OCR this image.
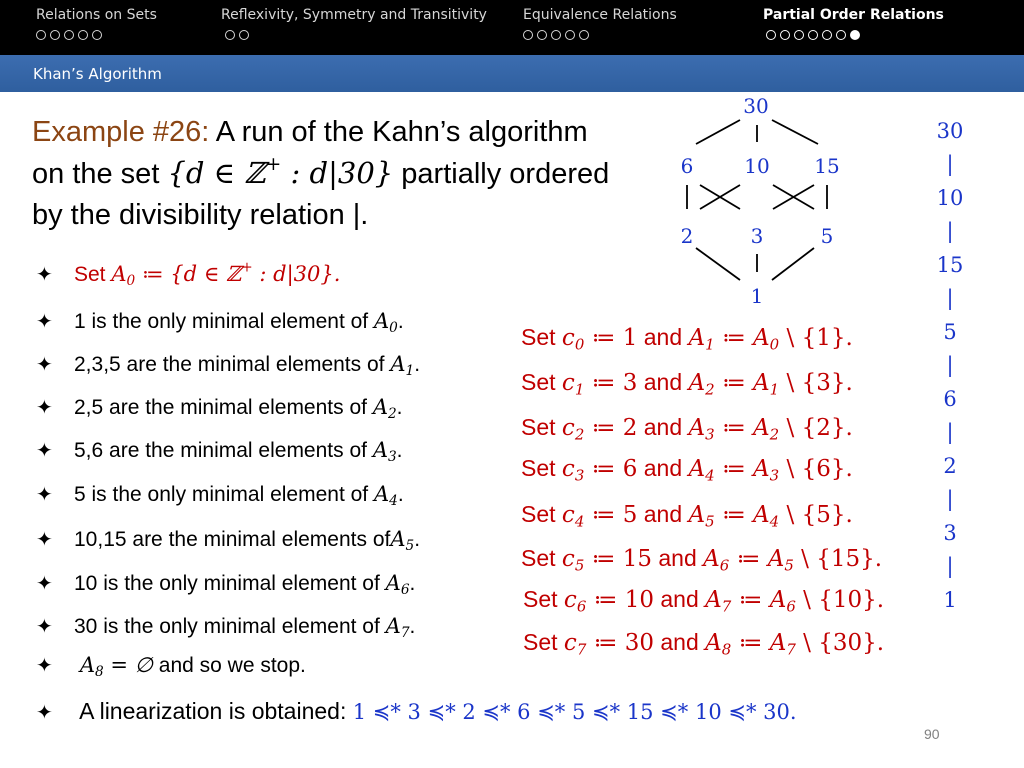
Relations on Sets	Reflexivity, Symmetry and Transitivity	Equivalence Relations	Partial Order Relations
Khan’s Algorithm
Example #26: A run of the Kahn’s algorithm
on the set {d ∈ ℤ+ : d|30} partially ordered
by the divisibility relation |.
✦ Set $A_0$ ≔ {d ∈ ℤ+ : d|30}.
✦ 1 is the only minimal element of $A_0$.
✦ 2,3,5 are the minimal elements of $A_1$.
✦ 2,5 are the minimal elements of $A_2$.
✦ 5,6 are the minimal elements of $A_3$.
✦ 5 is the only minimal element of $A_4$.
✦ 10,15 are the minimal elements ofA$_5$.
✦ 10 is the only minimal element of $A_6$.
✦ 30 is the only minimal element of $A_7$.
✦ $A_8$ = ∅ and so we stop.
✦ A linearization is obtained: 1 ≼* 3 ≼* 2 ≼* 6 ≼* 5 ≼* 15 ≼* 10 ≼* 30.
Set $c_0$ ≔ 1 and $A_1$ ≔ $A_0$ \ {1}.
Set $c_1$ ≔ 3 and $A_2$ ≔ $A_1$ \ {3}.
Set $c_2$ ≔ 2 and $A_3$ ≔ $A_2$ \ {2}.
Set $c_3$ ≔ 6 and $A_4$ ≔ $A_3$ \ {6}.
Set $c_4$ ≔ 5 and $A_5$ ≔ $A_4$ \ {5}.
Set $c_5$ ≔ 15 and $A_6$ ≔ $A_5$ \ {15}.
Set $c_6$ ≔ 10 and $A_7$ ≔ $A_6$ \ {10}.
Set $c_7$ ≔ 30 and $A_8$ ≔ $A_7$ \ {30}.
30
6	10 15
2	3	5
1
30
|
10
|
15
|
5
|
6
|
2
|
3
|
1
90
